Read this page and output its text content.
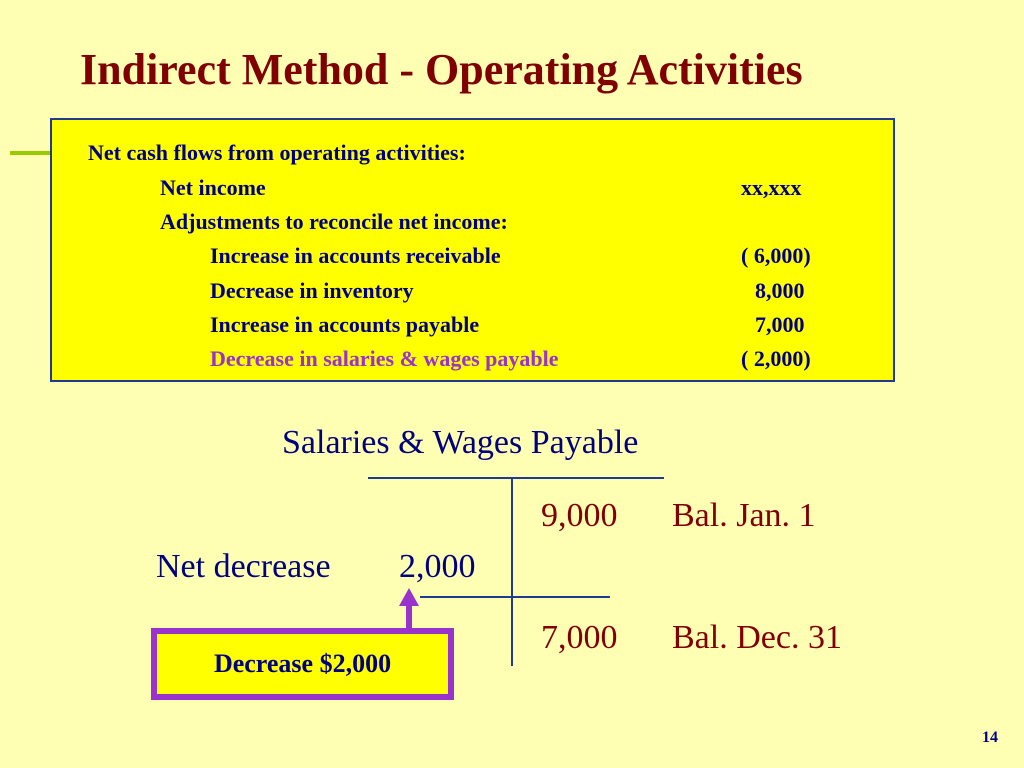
Indirect Method - Operating Activities
Net cash flows from operating activities:
Net income	xx,xxx
Adjustments to reconcile net income:
Increase in accounts receivable	( 6,000)
Decrease in inventory	8,000
Increase in accounts payable	7,000
Decrease in salaries & wages payable	( 2,000)
Salaries & Wages Payable
9,000 Bal. Jan. 1
Net decrease 2,000
7,000 Bal. Dec. 31
Decrease $2,000
14
